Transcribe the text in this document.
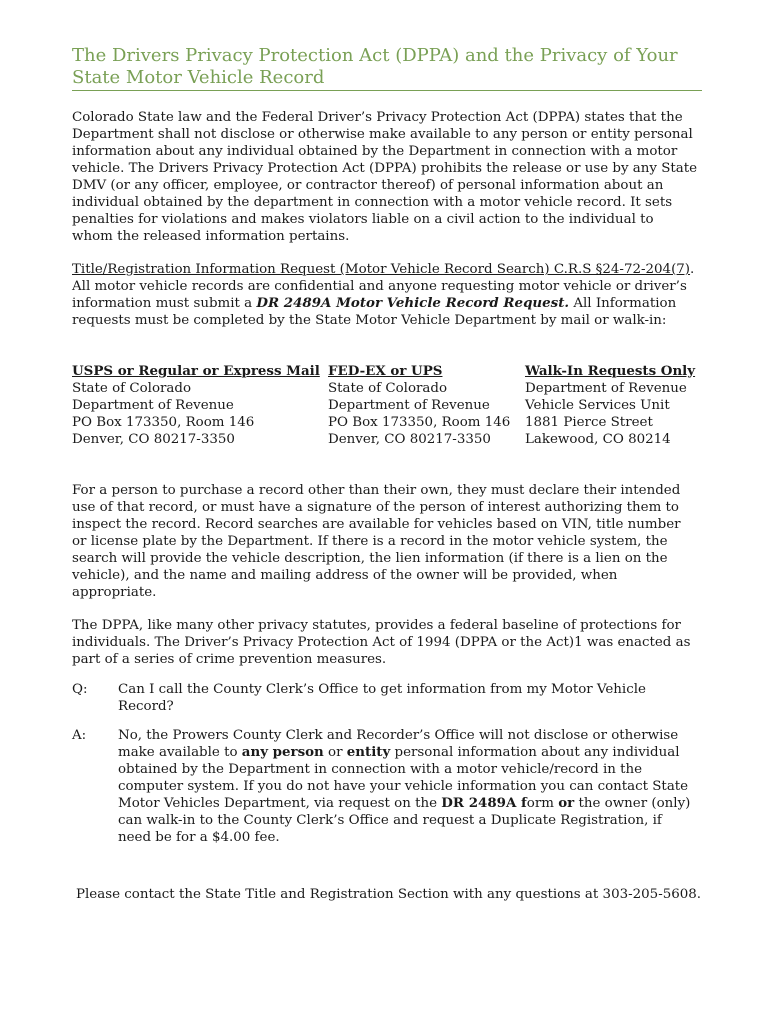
The Drivers Privacy Protection Act (DPPA) and the Privacy of Your State Motor Vehicle Record

Colorado State law and the Federal Driver’s Privacy Protection Act (DPPA) states that the Department shall not disclose or otherwise make available to any person or entity personal information about any individual obtained by the Department in connection with a motor vehicle. The Drivers Privacy Protection Act (DPPA) prohibits the release or use by any State DMV (or any officer, employee, or contractor thereof) of personal information about an individual obtained by the department in connection with a motor vehicle record. It sets penalties for violations and makes violators liable on a civil action to the individual to whom the released information pertains.

Title/Registration Information Request (Motor Vehicle Record Search) C.R.S §24-72-204(7). All motor vehicle records are confidential and anyone requesting motor vehicle or driver’s information must submit a DR 2489A Motor Vehicle Record Request. All Information requests must be completed by the State Motor Vehicle Department by mail or walk-in:

USPS or Regular or Express Mail
State of Colorado
Department of Revenue
PO Box 173350, Room 146
Denver, CO 80217-3350
FED-EX or UPS
State of Colorado
Department of Revenue
PO Box 173350, Room 146
Denver, CO 80217-3350
Walk-In Requests Only
Department of Revenue
Vehicle Services Unit
1881 Pierce Street
Lakewood, CO 80214

For a person to purchase a record other than their own, they must declare their intended use of that record, or must have a signature of the person of interest authorizing them to inspect the record. Record searches are available for vehicles based on VIN, title number or license plate by the Department. If there is a record in the motor vehicle system, the search will provide the vehicle description, the lien information (if there is a lien on the vehicle), and the name and mailing address of the owner will be provided, when appropriate.

The DPPA, like many other privacy statutes, provides a federal baseline of protections for individuals. The Driver’s Privacy Protection Act of 1994 (DPPA or the Act)1 was enacted as part of a series of crime prevention measures.

Q: Can I call the County Clerk’s Office to get information from my Motor Vehicle Record?
A: No, the Prowers County Clerk and Recorder’s Office will not disclose or otherwise make available to any person or entity personal information about any individual obtained by the Department in connection with a motor vehicle/record in the computer system. If you do not have your vehicle information you can contact State Motor Vehicles Department, via request on the DR 2489A form or the owner (only) can walk-in to the County Clerk’s Office and request a Duplicate Registration, if need be for a $4.00 fee.
Please contact the State Title and Registration Section with any questions at 303-205-5608.
